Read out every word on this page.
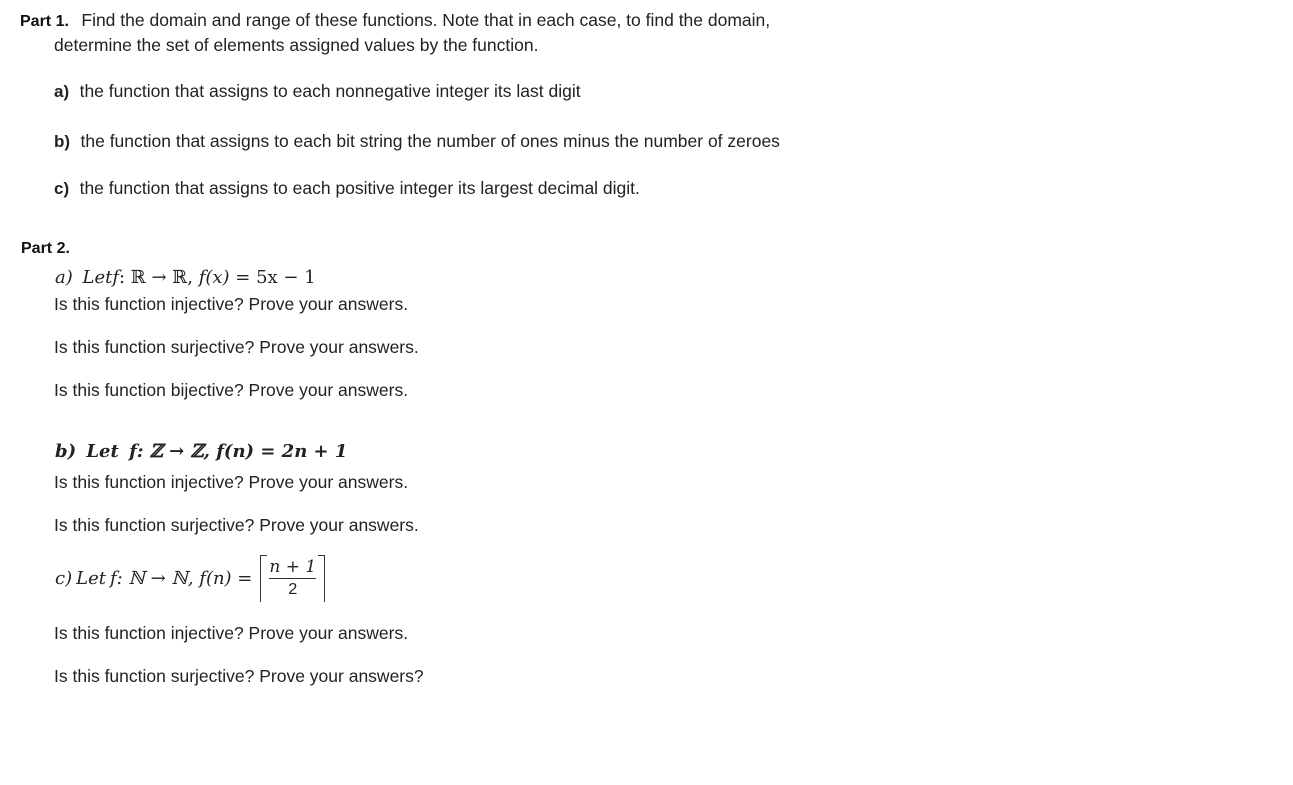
Part 1. Find the domain and range of these functions. Note that in each case, to find the domain,
determine the set of elements assigned values by the function.
a) the function that assigns to each nonnegative integer its last digit
b) the function that assigns to each bit string the number of ones minus the number of zeroes
c) the function that assigns to each positive integer its largest decimal digit.
Part 2.
a) Letf: ℝ → ℝ, f(x) = 5x − 1
Is this function injective? Prove your answers.
Is this function surjective? Prove your answers.
Is this function bijective? Prove your answers.
b) Let f: ℤ → ℤ, f(n) = 2n + 1
Is this function injective? Prove your answers.
Is this function surjective? Prove your answers.
c) Let f: ℕ → ℕ, $f(n) = \frac{n + 1}{2}$
Is this function injective? Prove your answers.
Is this function surjective? Prove your answers?
